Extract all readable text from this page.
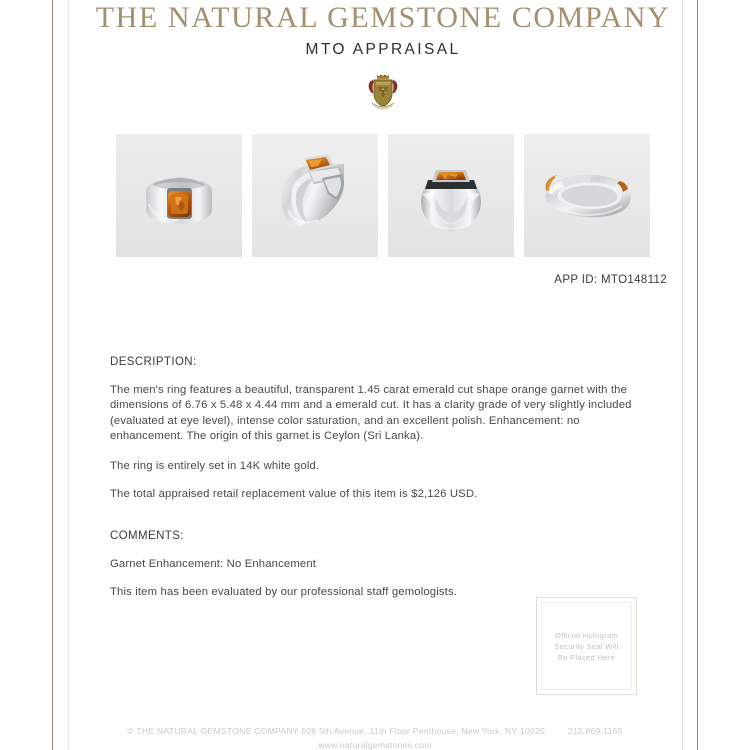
THE NATURAL GEMSTONE COMPANY
MTO APPRAISAL
APP ID: MTO148112
DESCRIPTION:
The men's ring features a beautiful, transparent 1.45 carat emerald cut shape orange garnet with the dimensions of 6.76 x 5.48 x 4.44 mm and a emerald cut. It has a clarity grade of very slightly included (evaluated at eye level), intense color saturation, and an excellent polish. Enhancement: no enhancement. The origin of this garnet is Ceylon (Sri Lanka).
The ring is entirely set in 14K white gold.
The total appraised retail replacement value of this item is $2,126 USD.
COMMENTS:
Garnet Enhancement: No Enhancement
This item has been evaluated by our professional staff gemologists.
Official Hologram
Security Seal Will
Be Placed Here
© THE NATURAL GEMSTONE COMPANY 608 5th Avenue, 11th Floor Penthouse, New York, NY 10020	212.869.1165
www.naturalgemstones.com
